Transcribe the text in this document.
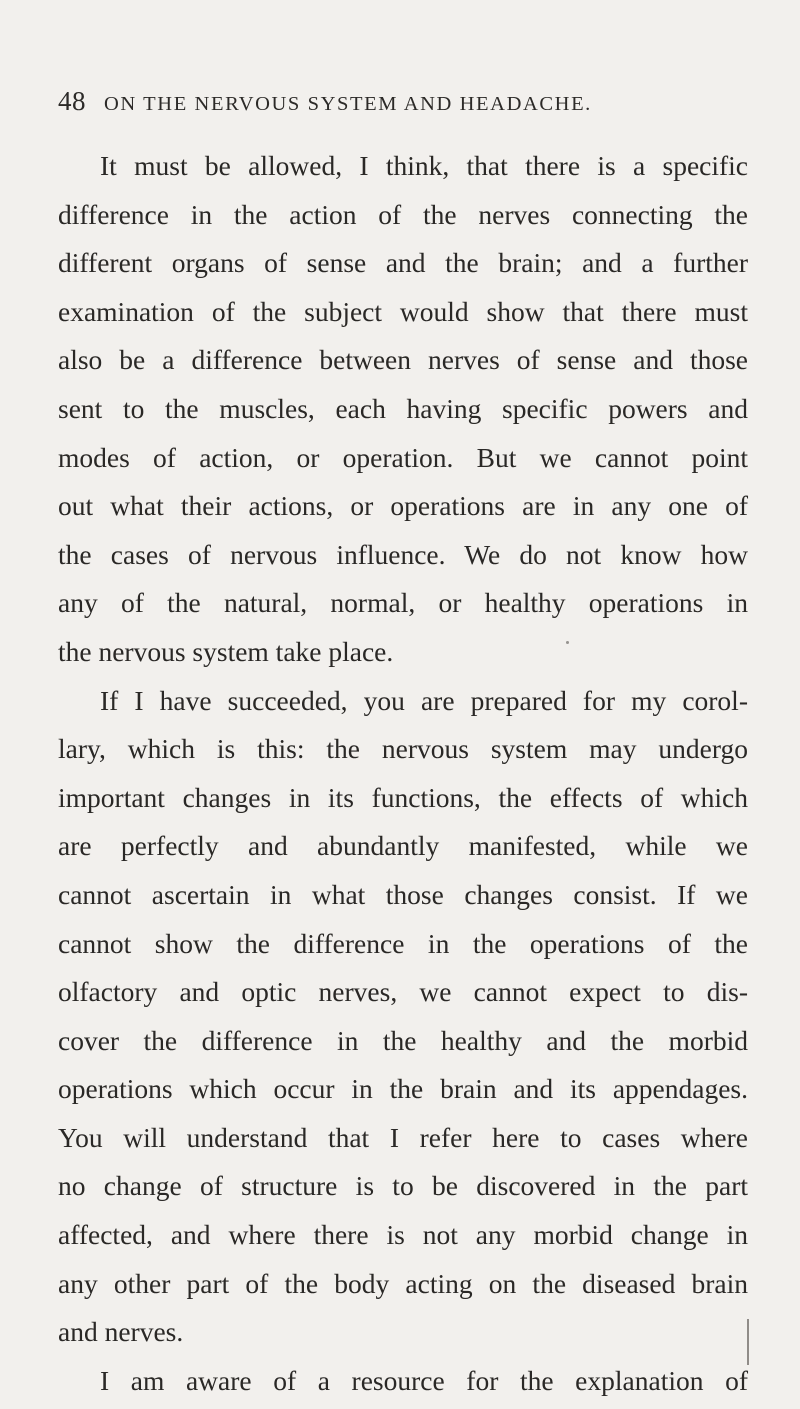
48 ON THE NERVOUS SYSTEM AND HEADACHE.
It must be allowed, I think, that there is a specific
difference in the action of the nerves connecting the
different organs of sense and the brain; and a further
examination of the subject would show that there must
also be a difference between nerves of sense and those
sent to the muscles, each having specific powers and
modes of action, or operation. But we cannot point
out what their actions, or operations are in any one of
the cases of nervous influence. We do not know how
any of the natural, normal, or healthy operations in
the nervous system take place.
If I have succeeded, you are prepared for my corol-
lary, which is this: the nervous system may undergo
important changes in its functions, the effects of which
are perfectly and abundantly manifested, while we
cannot ascertain in what those changes consist. If we
cannot show the difference in the operations of the
olfactory and optic nerves, we cannot expect to dis-
cover the difference in the healthy and the morbid
operations which occur in the brain and its appendages.
You will understand that I refer here to cases where
no change of structure is to be discovered in the part
affected, and where there is not any morbid change in
any other part of the body acting on the diseased brain
and nerves.
I am aware of a resource for the explanation of
